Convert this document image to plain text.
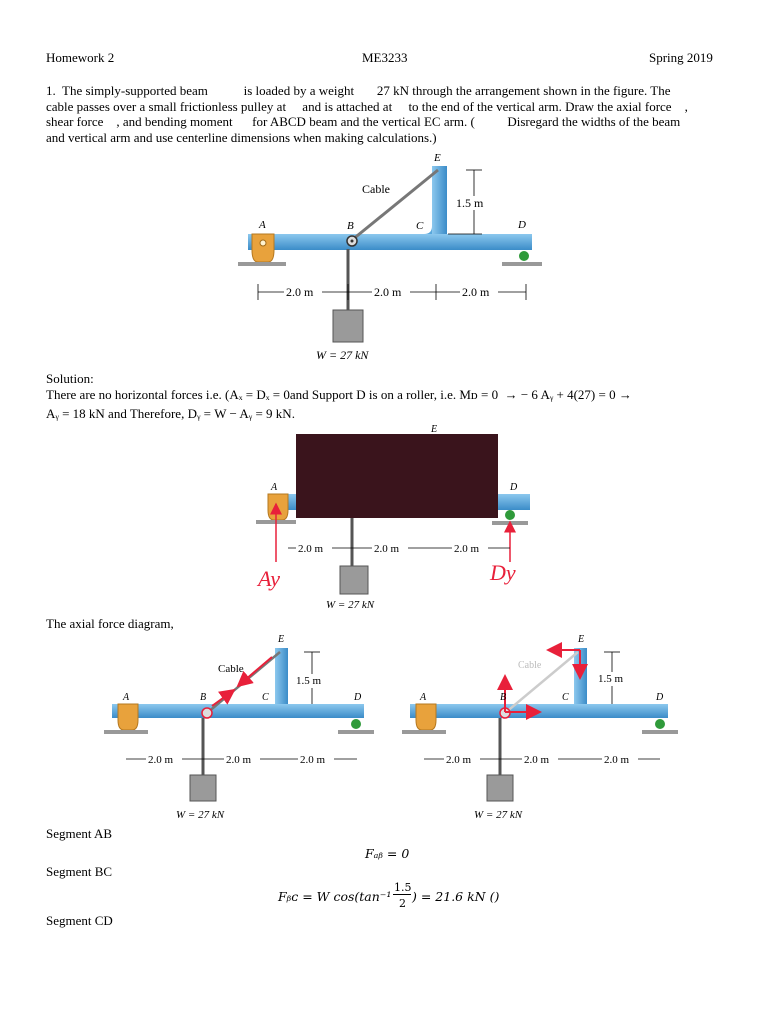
Homework 2	ME3233	Spring 2019
1.  The simply-supported beam           is loaded by a weight       27 kN through the arrangement shown in the figure. The
cable passes over a small frictionless pulley at     and is attached at     to the end of the vertical arm. Draw the axial force    ,
shear force    , and bending moment      for ABCD beam and the vertical EC arm. (          Disregard the widths of the beam
and vertical arm and use centerline dimensions when making calculations.)
A	B	C	D
E
Cable
1.5 m
2.0 m	2.0 m	2.0 m
W = 27 kN
Solution:
There are no horizontal forces i.e. (Aₓ = Dₓ = 0and Support D is on a roller, i.e. Mᴅ = 0  → − 6 Aᵧ + 4(27) = 0 →
Aᵧ = 18 kN and Therefore, Dᵧ = W − Aᵧ = 9 kN.
E
A	D
Ay	Dy
2.0 m	2.0 m	2.0 m
W = 27 kN
The axial force diagram,
A	B	C	D
E
Cable
1.5 m
2.0 m	2.0 m	2.0 m
W = 27 kN
A	B	C	D
E
Cable
1.5 m
2.0 m	2.0 m	2.0 m
W = 27 kN
Segment AB
Fₐᵦ = 0
Segment BC
Fᵦᴄ = W cos(tan⁻¹
1.5
2 ) = 21.6 kN ()
Segment CD
